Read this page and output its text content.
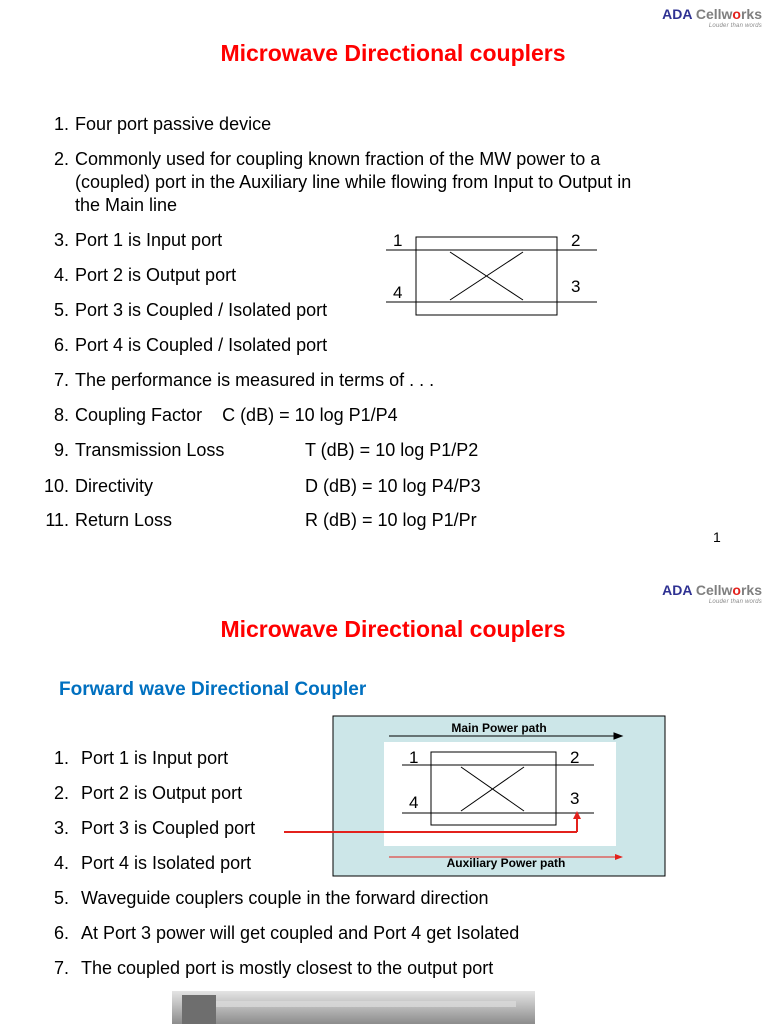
ADA Cellworks
Louder than words
Microwave Directional couplers
1. Four port passive device
2. Commonly used for coupling known fraction of the MW power to a
(coupled) port in the Auxiliary line while flowing from Input to Output in
the Main line
3. Port 1 is Input port
4. Port 2 is Output port
5. Port 3 is Coupled / Isolated port
6. Port 4 is Coupled / Isolated port
7. The performance is measured in terms of . . .
8. Coupling Factor    C (dB) = 10 log P1/P4
9. Transmission Loss	T (dB) = 10 log P1/P2
10. Directivity	D (dB) = 10 log P4/P3
11. Return Loss	R (dB) = 10 log P1/Pr
1	2
3
4
1
ADA Cellworks
Louder than words
Microwave Directional couplers
Forward wave Directional Coupler
1. Port 1 is Input port
2. Port 2 is Output port
3. Port 3 is Coupled port
4. Port 4 is Isolated port
5. Waveguide couplers couple in the forward direction
6. At Port 3 power will get coupled and Port 4 get Isolated
7. The coupled port is mostly closest to the output port
1	2
3
4
Main Power path
Auxiliary Power path
